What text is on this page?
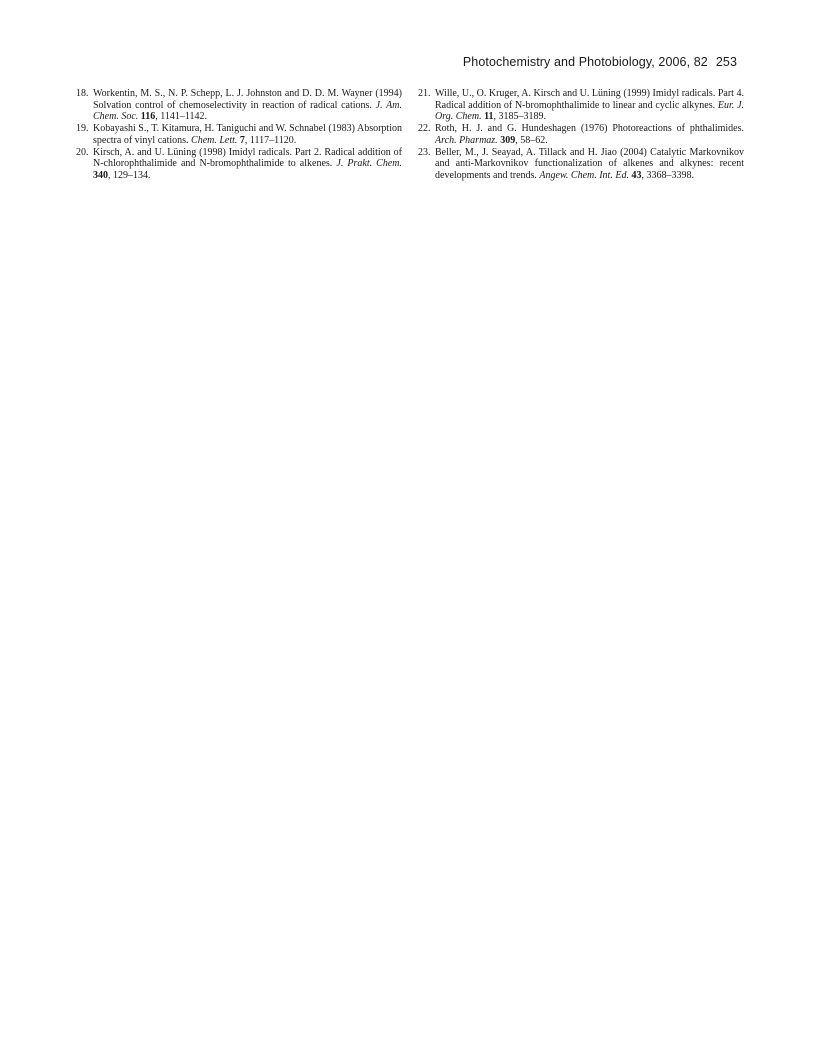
Photochemistry and Photobiology, 2006, 82 253

18. Workentin, M. S., N. P. Schepp, L. J. Johnston and D. D. M. Wayner (1994) Solvation control of chemoselectivity in reaction of radical cations. J. Am. Chem. Soc. 116, 1141–1142.

19. Kobayashi S., T. Kitamura, H. Taniguchi and W. Schnabel (1983) Absorption spectra of vinyl cations. Chem. Lett. 7, 1117–1120.

20. Kirsch, A. and U. Lüning (1998) Imidyl radicals. Part 2. Radical addition of N-chlorophthalimide and N-bromophthalimide to alkenes. J. Prakt. Chem. 340, 129–134.

21. Wille, U., O. Kruger, A. Kirsch and U. Lüning (1999) Imidyl radicals. Part 4. Radical addition of N-bromophthalimide to linear and cyclic alkynes. Eur. J. Org. Chem. 11, 3185–3189.

22. Roth, H. J. and G. Hundeshagen (1976) Photoreactions of phthalimides. Arch. Pharmaz. 309, 58–62.

23. Beller, M., J. Seayad, A. Tillack and H. Jiao (2004) Catalytic Markovnikov and anti-Markovnikov functionalization of alkenes and alkynes: recent developments and trends. Angew. Chem. Int. Ed. 43, 3368–3398.
